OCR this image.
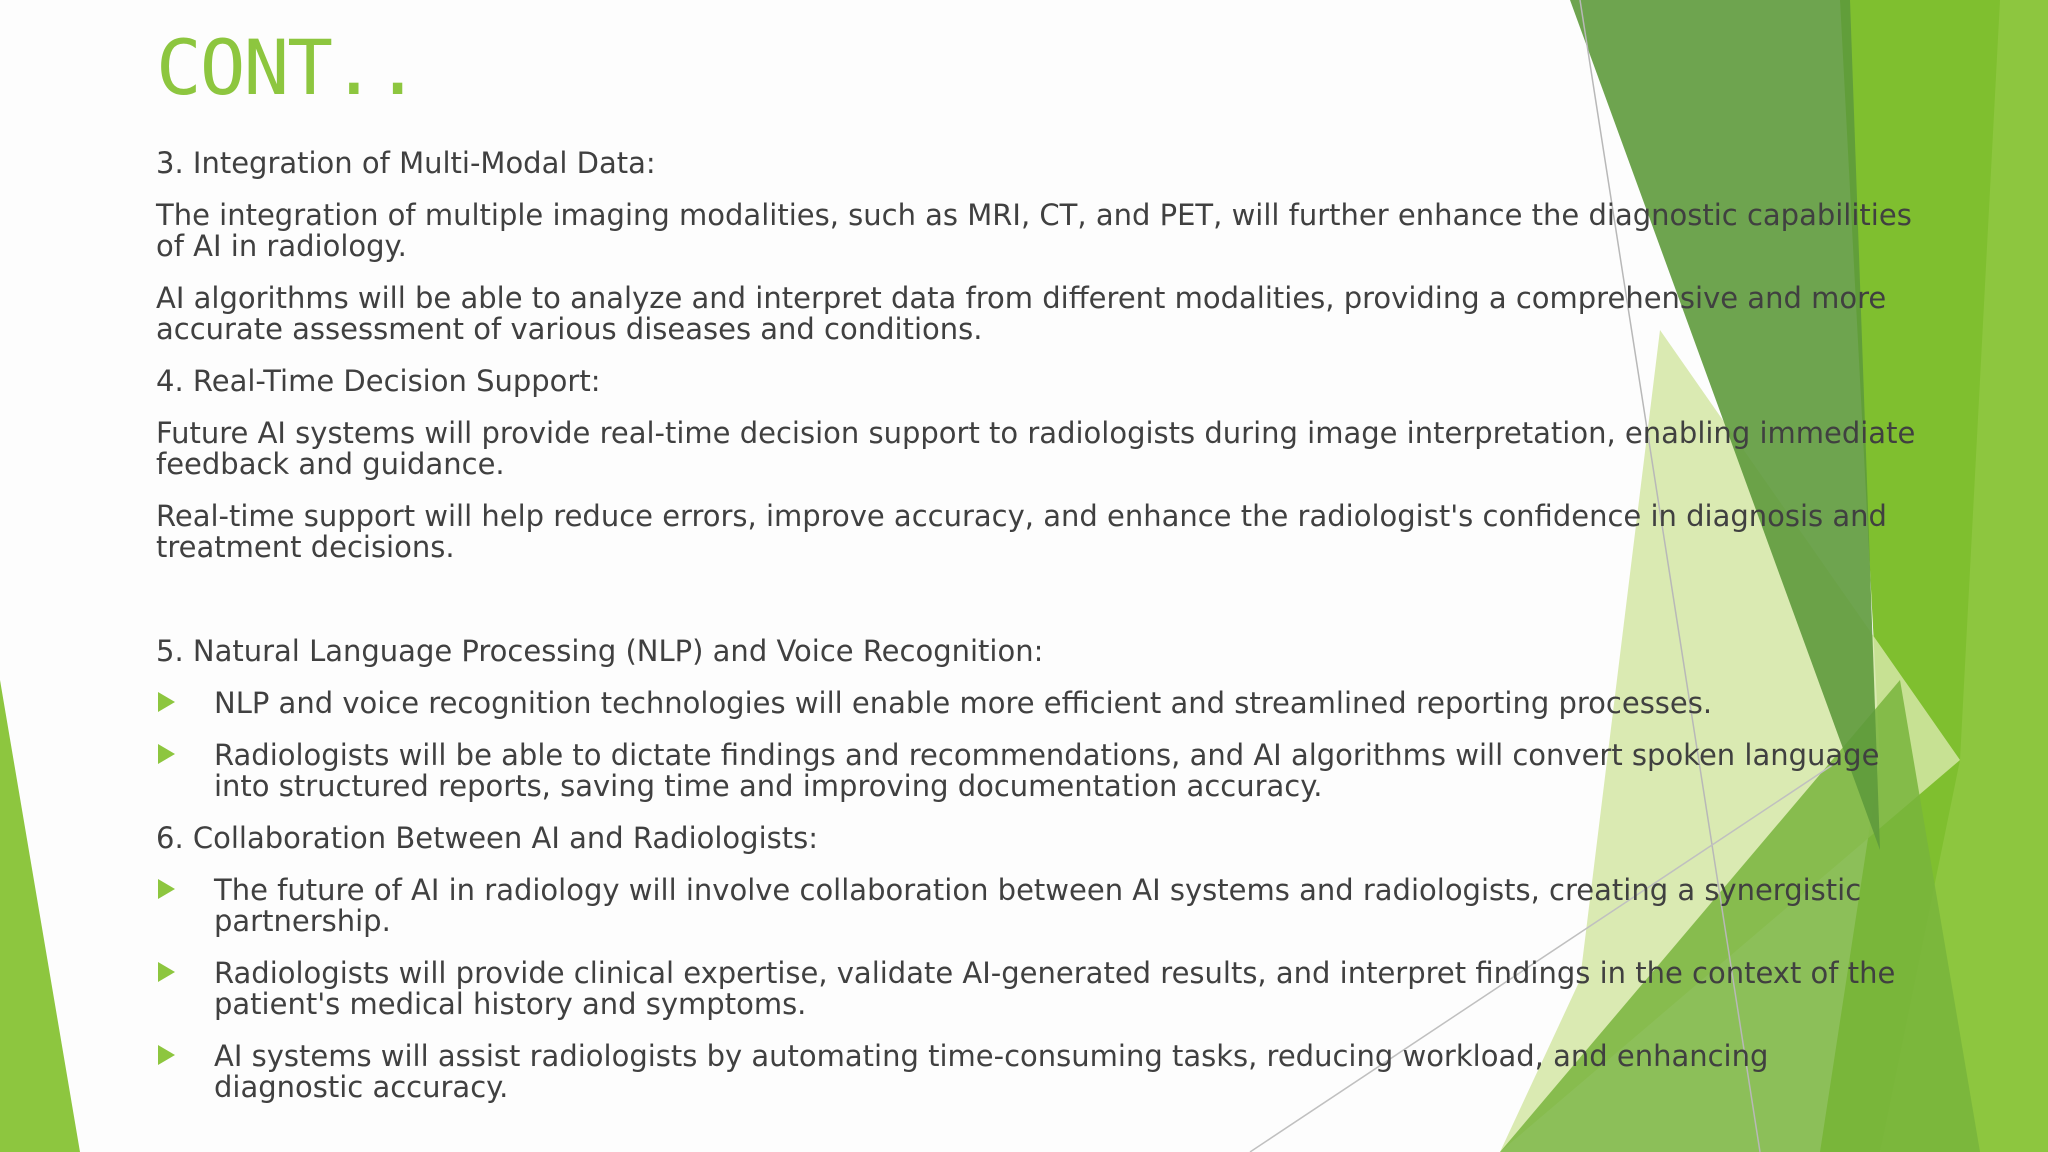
CONT..

3. Integration of Multi-Modal Data:

The integration of multiple imaging modalities, such as MRI, CT, and PET, will further enhance the diagnostic capabilities of AI in radiology.

AI algorithms will be able to analyze and interpret data from different modalities, providing a comprehensive and more accurate assessment of various diseases and conditions.

4. Real-Time Decision Support:

Future AI systems will provide real-time decision support to radiologists during image interpretation, enabling immediate feedback and guidance.

Real-time support will help reduce errors, improve accuracy, and enhance the radiologist's confidence in diagnosis and treatment decisions.

5. Natural Language Processing (NLP) and Voice Recognition:

NLP and voice recognition technologies will enable more efficient and streamlined reporting processes.
Radiologists will be able to dictate findings and recommendations, and AI algorithms will convert spoken language into structured reports, saving time and improving documentation accuracy.

6. Collaboration Between AI and Radiologists:

The future of AI in radiology will involve collaboration between AI systems and radiologists, creating a synergistic partnership.
Radiologists will provide clinical expertise, validate AI-generated results, and interpret findings in the context of the patient's medical history and symptoms.
AI systems will assist radiologists by automating time-consuming tasks, reducing workload, and enhancing diagnostic accuracy.
